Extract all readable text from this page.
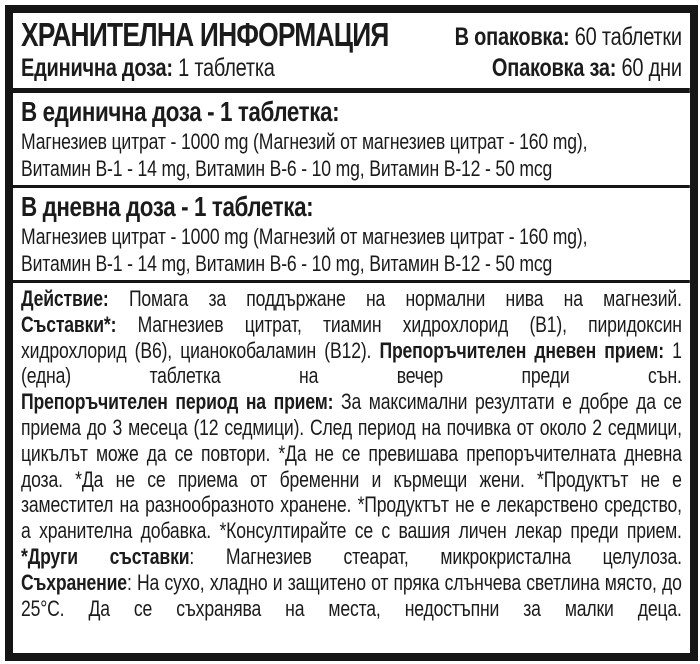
ХРАНИТЕЛНА ИНФОРМАЦИЯ
Единична доза: 1 таблетка
В опаковка: 60 таблетки
Опаковка за: 60 дни
В единична доза - 1 таблетка:
Магнезиев цитрат - 1000 mg (Магнезий от магнезиев цитрат - 160 mg),
Витамин B-1 - 14 mg, Витамин B-6 - 10 mg, Витамин B-12 - 50 mcg
В дневна доза - 1 таблетка:
Магнезиев цитрат - 1000 mg (Магнезий от магнезиев цитрат - 160 mg),
Витамин B-1 - 14 mg, Витамин B-6 - 10 mg, Витамин B-12 - 50 mcg

Действие: Помага за поддържане на нормални нива на магнезий.

Съставки*: Магнезиев цитрат, тиамин хидрохлорид (B1), пиридоксин хидрохлорид (B6), цианокобаламин (B12). Препоръчителен дневен прием: 1 (една) таблетка на вечер преди сън.

Препоръчителен период на прием: За максимални резултати е добре да се приема до 3 месеца (12 седмици). След период на почивка от около 2 седмици, цикълът може да се повтори. *Да не се превишава препоръчителната дневна доза. *Да не се приема от бременни и кърмещи жени. *Продуктът не е заместител на разнообразното хранене. *Продуктът не е лекарствено средство, а хранителна добавка. *Консултирайте се с вашия личен лекар преди прием.

*Други съставки: Магнезиев стеарат, микрокристална целулоза.

Съхранение: На сухо, хладно и защитено от пряка слънчева светлина място, до 25°C. Да се съхранява на места, недостъпни за малки деца.
